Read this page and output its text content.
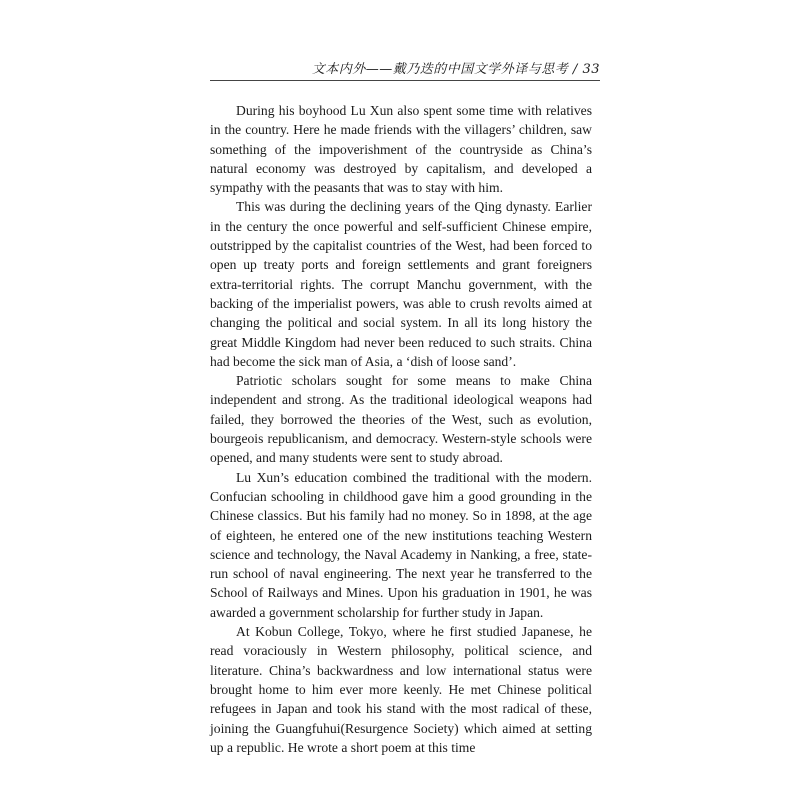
文本内外——戴乃迭的中国文学外译与思考 / 33

During his boyhood Lu Xun also spent some time with relatives in the country. Here he made friends with the villagers’ children, saw something of the impoverishment of the countryside as China’s natural economy was destroyed by capitalism, and developed a sympathy with the peasants that was to stay with him.

This was during the declining years of the Qing dynasty. Earlier in the century the once powerful and self-sufficient Chinese empire, outstripped by the capitalist countries of the West, had been forced to open up treaty ports and foreign settlements and grant foreigners extra-territorial rights. The corrupt Manchu government, with the backing of the imperialist powers, was able to crush revolts aimed at changing the political and social system. In all its long history the great Middle Kingdom had never been reduced to such straits. China had become the sick man of Asia, a ‘dish of loose sand’.

Patriotic scholars sought for some means to make China independent and strong. As the traditional ideological weapons had failed, they borrowed the theories of the West, such as evolution, bourgeois republicanism, and democracy. Western-style schools were opened, and many students were sent to study abroad.

Lu Xun’s education combined the traditional with the modern. Confucian schooling in childhood gave him a good grounding in the Chinese classics. But his family had no money. So in 1898, at the age of eighteen, he entered one of the new institutions teaching Western science and technology, the Naval Academy in Nanking, a free, state-run school of naval engineering. The next year he transferred to the School of Railways and Mines. Upon his graduation in 1901, he was awarded a government scholarship for further study in Japan.

At Kobun College, Tokyo, where he first studied Japanese, he read voraciously in Western philosophy, political science, and literature. China’s backwardness and low international status were brought home to him ever more keenly. He met Chinese political refugees in Japan and took his stand with the most radical of these, joining the Guangfuhui(Resurgence Society) which aimed at setting up a republic. He wrote a short poem at this time
